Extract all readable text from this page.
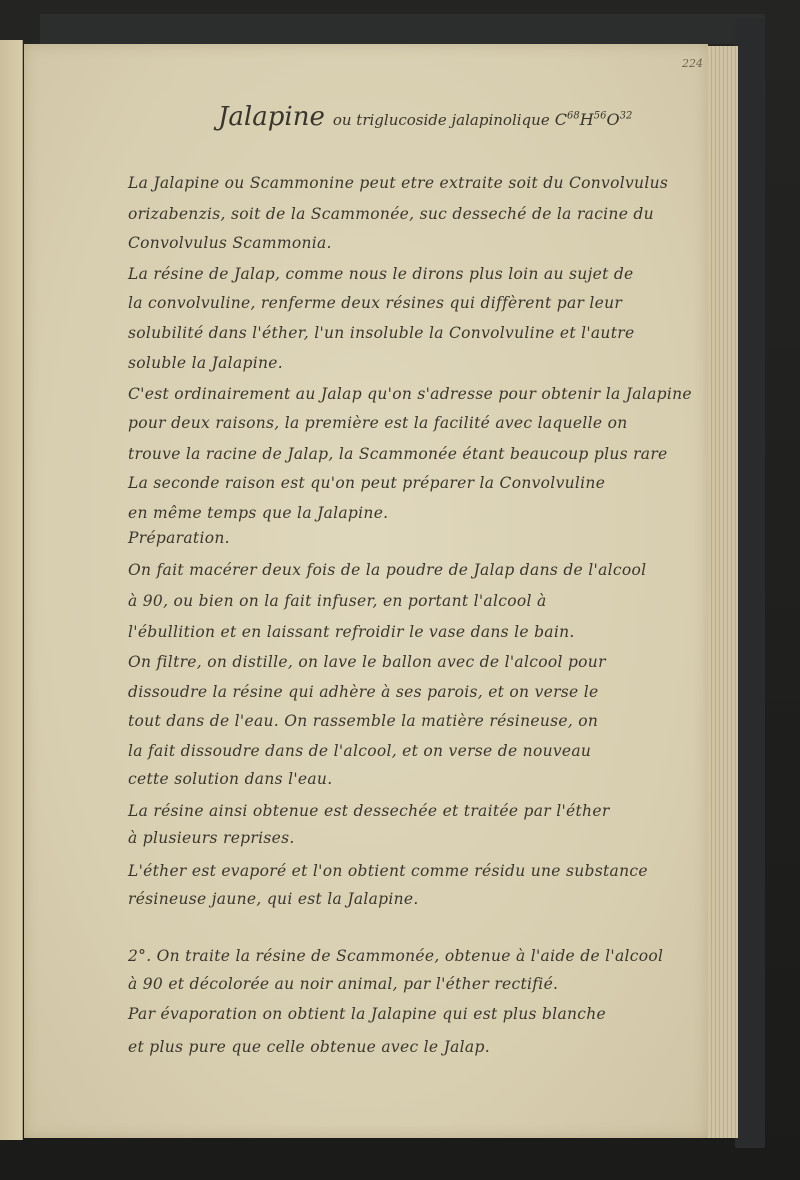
224
Jalapine ou triglucoside jalapinolique $C^{68}H^{56}O^{32}$
La Jalapine ou Scammonine peut etre extraite soit du Convolvulus
orizabenzis, soit de la Scammonée, suc desseché de la racine du
Convolvulus Scammonia.
La résine de Jalap, comme nous le dirons plus loin au sujet de
la convolvuline, renferme deux résines qui diffèrent par leur
solubilité dans l'éther, l'un insoluble la Convolvuline et l'autre
soluble la Jalapine.
C'est ordinairement au Jalap qu'on s'adresse pour obtenir la Jalapine
pour deux raisons, la première est la facilité avec laquelle on
trouve la racine de Jalap, la Scammonée étant beaucoup plus rare
La seconde raison est qu'on peut préparer la Convolvuline
en même temps que la Jalapine.
Préparation.
On fait macérer deux fois de la poudre de Jalap dans de l'alcool
à 90, ou bien on la fait infuser, en portant l'alcool à
l'ébullition et en laissant refroidir le vase dans le bain.
On filtre, on distille, on lave le ballon avec de l'alcool pour
dissoudre la résine qui adhère à ses parois, et on verse le
tout dans de l'eau. On rassemble la matière résineuse, on
la fait dissoudre dans de l'alcool, et on verse de nouveau
cette solution dans l'eau.
La résine ainsi obtenue est dessechée et traitée par l'éther
à plusieurs reprises.
L'éther est evaporé et l'on obtient comme résidu une substance
résineuse jaune, qui est la Jalapine.
2°. On traite la résine de Scammonée, obtenue à l'aide de l'alcool
à 90 et décolorée au noir animal, par l'éther rectifié.
Par évaporation on obtient la Jalapine qui est plus blanche
et plus pure que celle obtenue avec le Jalap.
